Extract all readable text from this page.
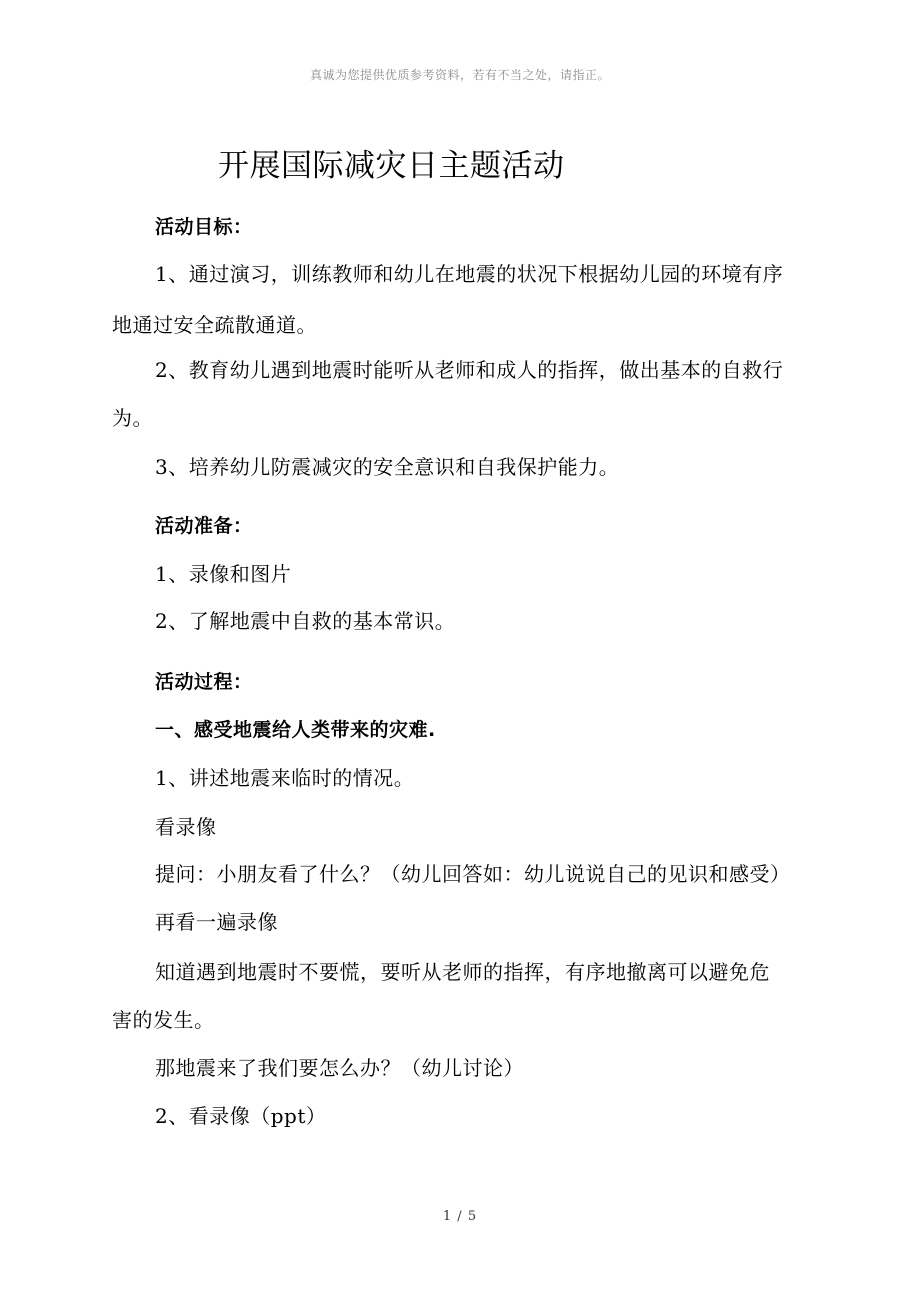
真诚为您提供优质参考资料，若有不当之处，请指正。
开展国际减灾日主题活动
活动目标：
1、通过演习，训练教师和幼儿在地震的状况下根据幼儿园的环境有序
地通过安全疏散通道。
2、教育幼儿遇到地震时能听从老师和成人的指挥，做出基本的自救行
为。
3、培养幼儿防震减灾的安全意识和自我保护能力。
活动准备：
1、录像和图片
2、了解地震中自救的基本常识。
活动过程：
一、感受地震给人类带来的灾难.
1、讲述地震来临时的情况。
看录像
提问：小朋友看了什么？（幼儿回答如：幼儿说说自己的见识和感受）
再看一遍录像
知道遇到地震时不要慌，要听从老师的指挥，有序地撤离可以避免危
害的发生。
那地震来了我们要怎么办？（幼儿讨论）
2、看录像（ppt）
1 / 5
